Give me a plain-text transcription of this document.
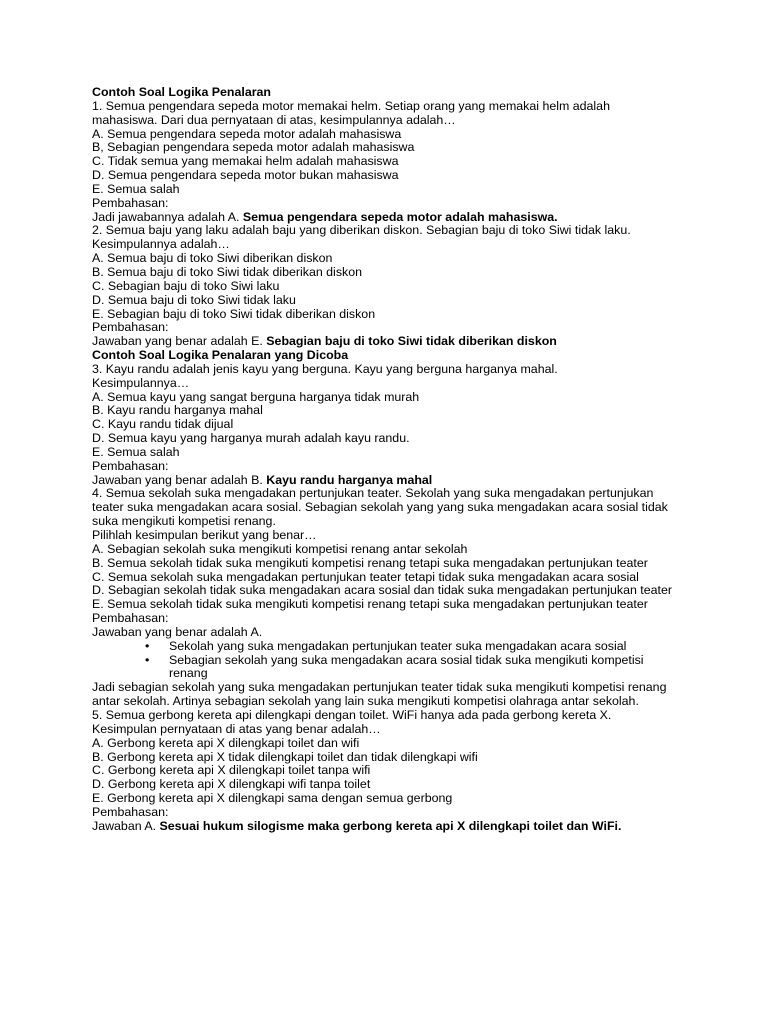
Contoh Soal Logika Penalaran
1. Semua pengendara sepeda motor memakai helm. Setiap orang yang memakai helm adalah mahasiswa. Dari dua pernyataan di atas, kesimpulannya adalah…
A. Semua pengendara sepeda motor adalah mahasiswa
B, Sebagian pengendara sepeda motor adalah mahasiswa
C. Tidak semua yang memakai helm adalah mahasiswa
D. Semua pengendara sepeda motor bukan mahasiswa
E. Semua salah
Pembahasan:
Jadi jawabannya adalah A. Semua pengendara sepeda motor adalah mahasiswa.
2. Semua baju yang laku adalah baju yang diberikan diskon. Sebagian baju di toko Siwi tidak laku. Kesimpulannya adalah…
A. Semua baju di toko Siwi diberikan diskon
B. Semua baju di toko Siwi tidak diberikan diskon
C. Sebagian baju di toko Siwi laku
D. Semua baju di toko Siwi tidak laku
E. Sebagian baju di toko Siwi tidak diberikan diskon
Pembahasan:
Jawaban yang benar adalah E. Sebagian baju di toko Siwi tidak diberikan diskon
Contoh Soal Logika Penalaran yang Dicoba
3. Kayu randu adalah jenis kayu yang berguna. Kayu yang berguna harganya mahal. Kesimpulannya…
A. Semua kayu yang sangat berguna harganya tidak murah
B. Kayu randu harganya mahal
C. Kayu randu tidak dijual
D. Semua kayu yang harganya murah adalah kayu randu.
E. Semua salah
Pembahasan:
Jawaban yang benar adalah B. Kayu randu harganya mahal
4. Semua sekolah suka mengadakan pertunjukan teater. Sekolah yang suka mengadakan pertunjukan teater suka mengadakan acara sosial. Sebagian sekolah yang yang suka mengadakan acara sosial tidak suka mengikuti kompetisi renang.
Pilihlah kesimpulan berikut yang benar…
A. Sebagian sekolah suka mengikuti kompetisi renang antar sekolah
B. Semua sekolah tidak suka mengikuti kompetisi renang tetapi suka mengadakan pertunjukan teater
C. Semua sekolah suka mengadakan pertunjukan teater tetapi tidak suka mengadakan acara sosial
D. Sebagian sekolah tidak suka mengadakan acara sosial dan tidak suka mengadakan pertunjukan teater
E. Semua sekolah tidak suka mengikuti kompetisi renang tetapi suka mengadakan pertunjukan teater
Pembahasan:
Jawaban yang benar adalah A.
• Sekolah yang suka mengadakan pertunjukan teater suka mengadakan acara sosial
• Sebagian sekolah yang suka mengadakan acara sosial tidak suka mengikuti kompetisi renang
Jadi sebagian sekolah yang suka mengadakan pertunjukan teater tidak suka mengikuti kompetisi renang antar sekolah. Artinya sebagian sekolah yang lain suka mengikuti kompetisi olahraga antar sekolah.
5. Semua gerbong kereta api dilengkapi dengan toilet. WiFi hanya ada pada gerbong kereta X.
Kesimpulan pernyataan di atas yang benar adalah…
A. Gerbong kereta api X dilengkapi toilet dan wifi
B. Gerbong kereta api X tidak dilengkapi toilet dan tidak dilengkapi wifi
C. Gerbong kereta api X dilengkapi toilet tanpa wifi
D. Gerbong kereta api X dilengkapi wifi tanpa toilet
E. Gerbong kereta api X dilengkapi sama dengan semua gerbong
Pembahasan:
Jawaban A. Sesuai hukum silogisme maka gerbong kereta api X dilengkapi toilet dan WiFi.
